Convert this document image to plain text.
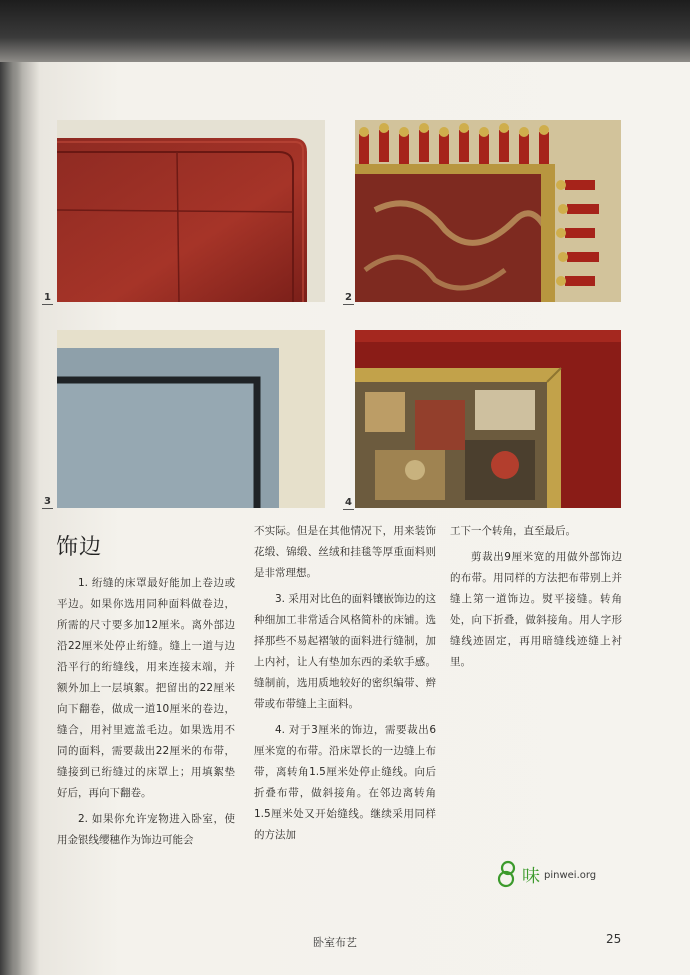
1	2
3	4
饰边

1. 绗缝的床罩最好能加上卷边或平边。如果你选用同种面料做卷边，所需的尺寸要多加12厘米。离外部边沿22厘米处停止绗缝。缝上一道与边沿平行的绗缝线，用来连接末端，并额外加上一层填絮。把留出的22厘米向下翻卷，做成一道10厘米的卷边，缝合，用衬里遮盖毛边。如果选用不同的面料，需要裁出22厘米的布带，缝接到已绗缝过的床罩上；用填絮垫好后，再向下翻卷。

2. 如果你允许宠物进入卧室，使用金银线缨穗作为饰边可能会

不实际。但是在其他情况下，用来装饰花缎、锦缎、丝绒和挂毯等厚重面料则是非常理想。

3. 采用对比色的面料镶嵌饰边的这种细加工非常适合风格简朴的床铺。选择那些不易起褶皱的面料进行缝制，加上内衬，让人有垫加东西的柔软手感。缝制前，选用质地较好的密织编带、辫带或布带缝上主面料。

4. 对于3厘米的饰边，需要裁出6厘米宽的布带。沿床罩长的一边缝上布带，离转角1.5厘米处停止缝线。向后折叠布带，做斜接角。在邻边离转角1.5厘米处又开始缝线。继续采用同样的方法加

工下一个转角，直至最后。

剪裁出9厘米宽的用做外部饰边的布带。用同样的方法把布带别上并缝上第一道饰边。熨平接缝。转角处，向下折叠，做斜接角。用人字形缝线迹固定，再用暗缝线迹缝上衬里。

味 pinwei.org
卧室布艺	25
